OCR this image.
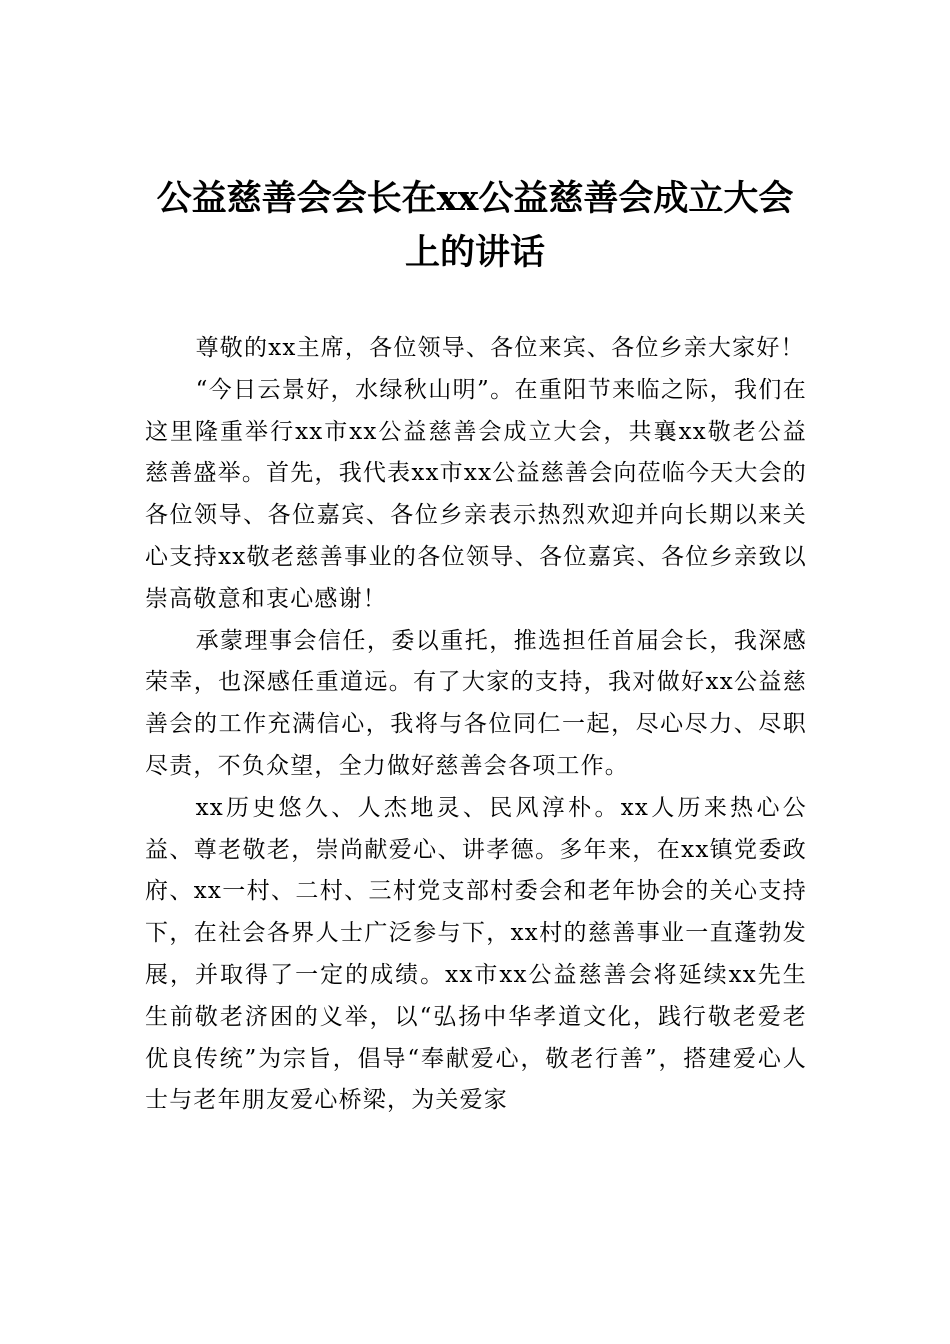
公益慈善会会长在xx公益慈善会成立大会上的讲话

尊敬的xx主席，各位领导、各位来宾、各位乡亲大家好！

“今日云景好，水绿秋山明”。在重阳节来临之际，我们在这里隆重举行xx市xx公益慈善会成立大会，共襄xx敬老公益慈善盛举。首先，我代表xx市xx公益慈善会向莅临今天大会的各位领导、各位嘉宾、各位乡亲表示热烈欢迎并向长期以来关心支持xx敬老慈善事业的各位领导、各位嘉宾、各位乡亲致以崇高敬意和衷心感谢！

承蒙理事会信任，委以重托，推选担任首届会长，我深感荣幸，也深感任重道远。有了大家的支持，我对做好xx公益慈善会的工作充满信心，我将与各位同仁一起，尽心尽力、尽职尽责，不负众望，全力做好慈善会各项工作。

xx历史悠久、人杰地灵、民风淳朴。xx人历来热心公益、尊老敬老，崇尚献爱心、讲孝德。多年来，在xx镇党委政府、xx一村、二村、三村党支部村委会和老年协会的关心支持下，在社会各界人士广泛参与下，xx村的慈善事业一直蓬勃发展，并取得了一定的成绩。xx市xx公益慈善会将延续xx先生生前敬老济困的义举，以“弘扬中华孝道文化，践行敬老爱老优良传统”为宗旨，倡导“奉献爱心，敬老行善”，搭建爱心人士与老年朋友爱心桥梁，为关爱家
